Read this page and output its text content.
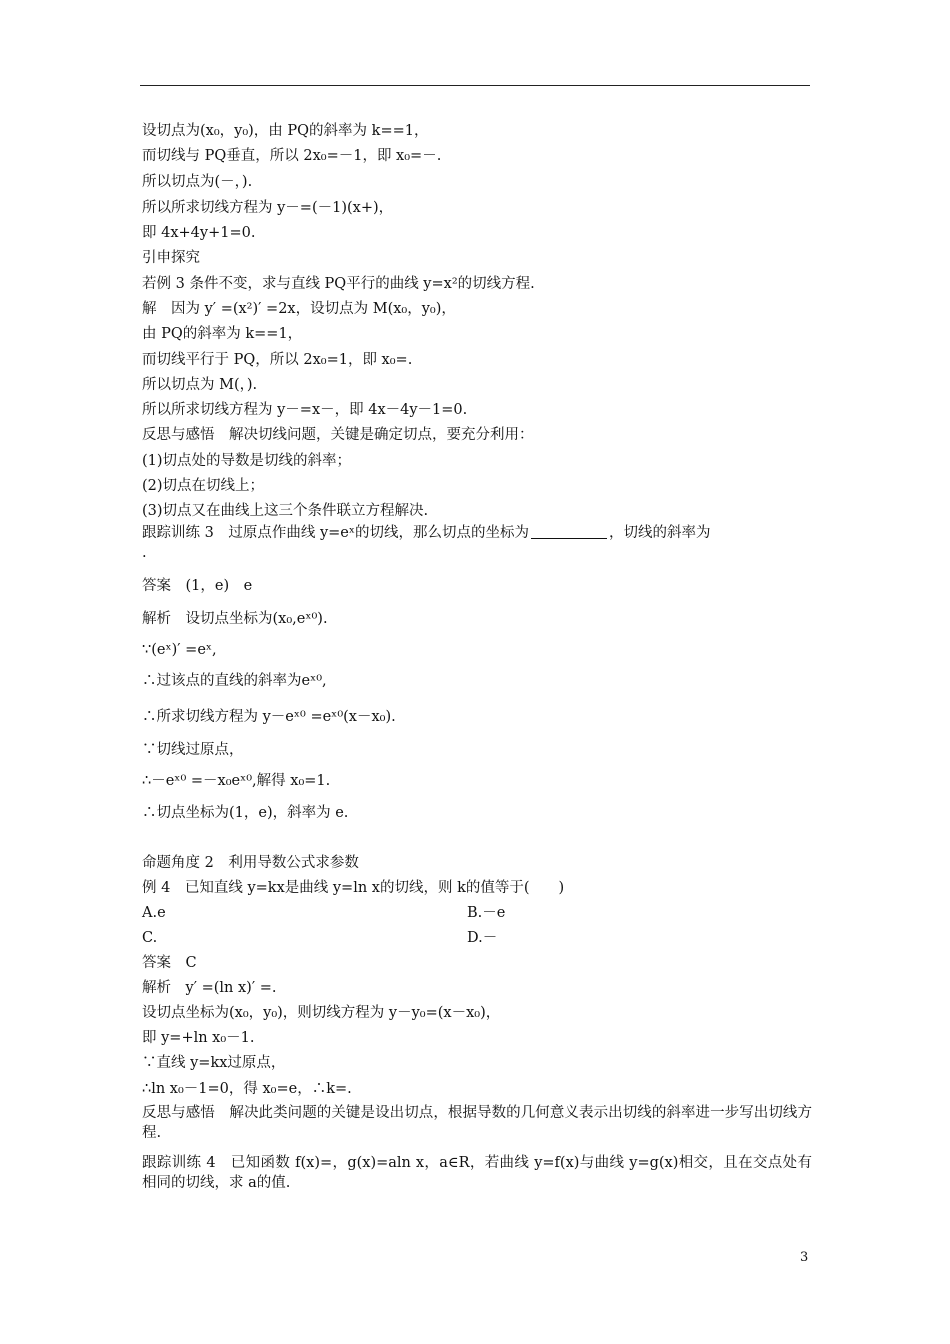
设切点为(x₀，y₀)，由 PQ的斜率为 k==1，
而切线与 PQ垂直，所以 2x₀=－1，即 x₀=－.
所以切点为(－，).
所以所求切线方程为 y－=(－1)(x+)，
即 4x+4y+1=0.
引申探究
若例 3 条件不变，求与直线 PQ平行的曲线 y=x²的切线方程.
解　因为 y′ =(x²)′ =2x，设切点为 M(x₀，y₀)，
由 PQ的斜率为 k==1，
而切线平行于 PQ，所以 2x₀=1，即 x₀=.
所以切点为 M(，).
所以所求切线方程为 y－=x－，即 4x－4y－1=0.
反思与感悟　解决切线问题，关键是确定切点，要充分利用：
(1)切点处的导数是切线的斜率；
(2)切点在切线上；
(3)切点又在曲线上这三个条件联立方程解决.
答案　(1，e)　e
解析　设切点坐标为(x₀,eˣ⁰).
∵(eˣ)′ =eˣ,
∴过该点的直线的斜率为eˣ⁰,
∴所求切线方程为 y－eˣ⁰ =eˣ⁰(x－x₀).
∵切线过原点，
∴－eˣ⁰ =－x₀eˣ⁰,解得 x₀=1.
∴切点坐标为(1，e)，斜率为 e.
命题角度 2　利用导数公式求参数
例 4　已知直线 y=kx是曲线 y=ln x的切线，则 k的值等于(　　)
A.e	B.－e
C.	D.－
答案　C
解析　y′ =(ln x)′ =.
设切点坐标为(x₀，y₀)，则切线方程为 y－y₀=(x－x₀)，
即 y=+ln x₀－1.
∵直线 y=kx过原点，
∴ln x₀－1=0，得 x₀=e，∴k=.
跟踪训练 3　过原点作曲线 y=eˣ的切线，那么切点的坐标为	，切线的斜率为
.
反思与感悟　解决此类问题的关键是设出切点，根据导数的几何意义表示出切线的斜率进一步写出切线方程.
跟踪训练 4　已知函数 f(x)=，g(x)=aln x，a∈R，若曲线 y=f(x)与曲线 y=g(x)相交，且在交点处有相同的切线，求 a的值.
3
